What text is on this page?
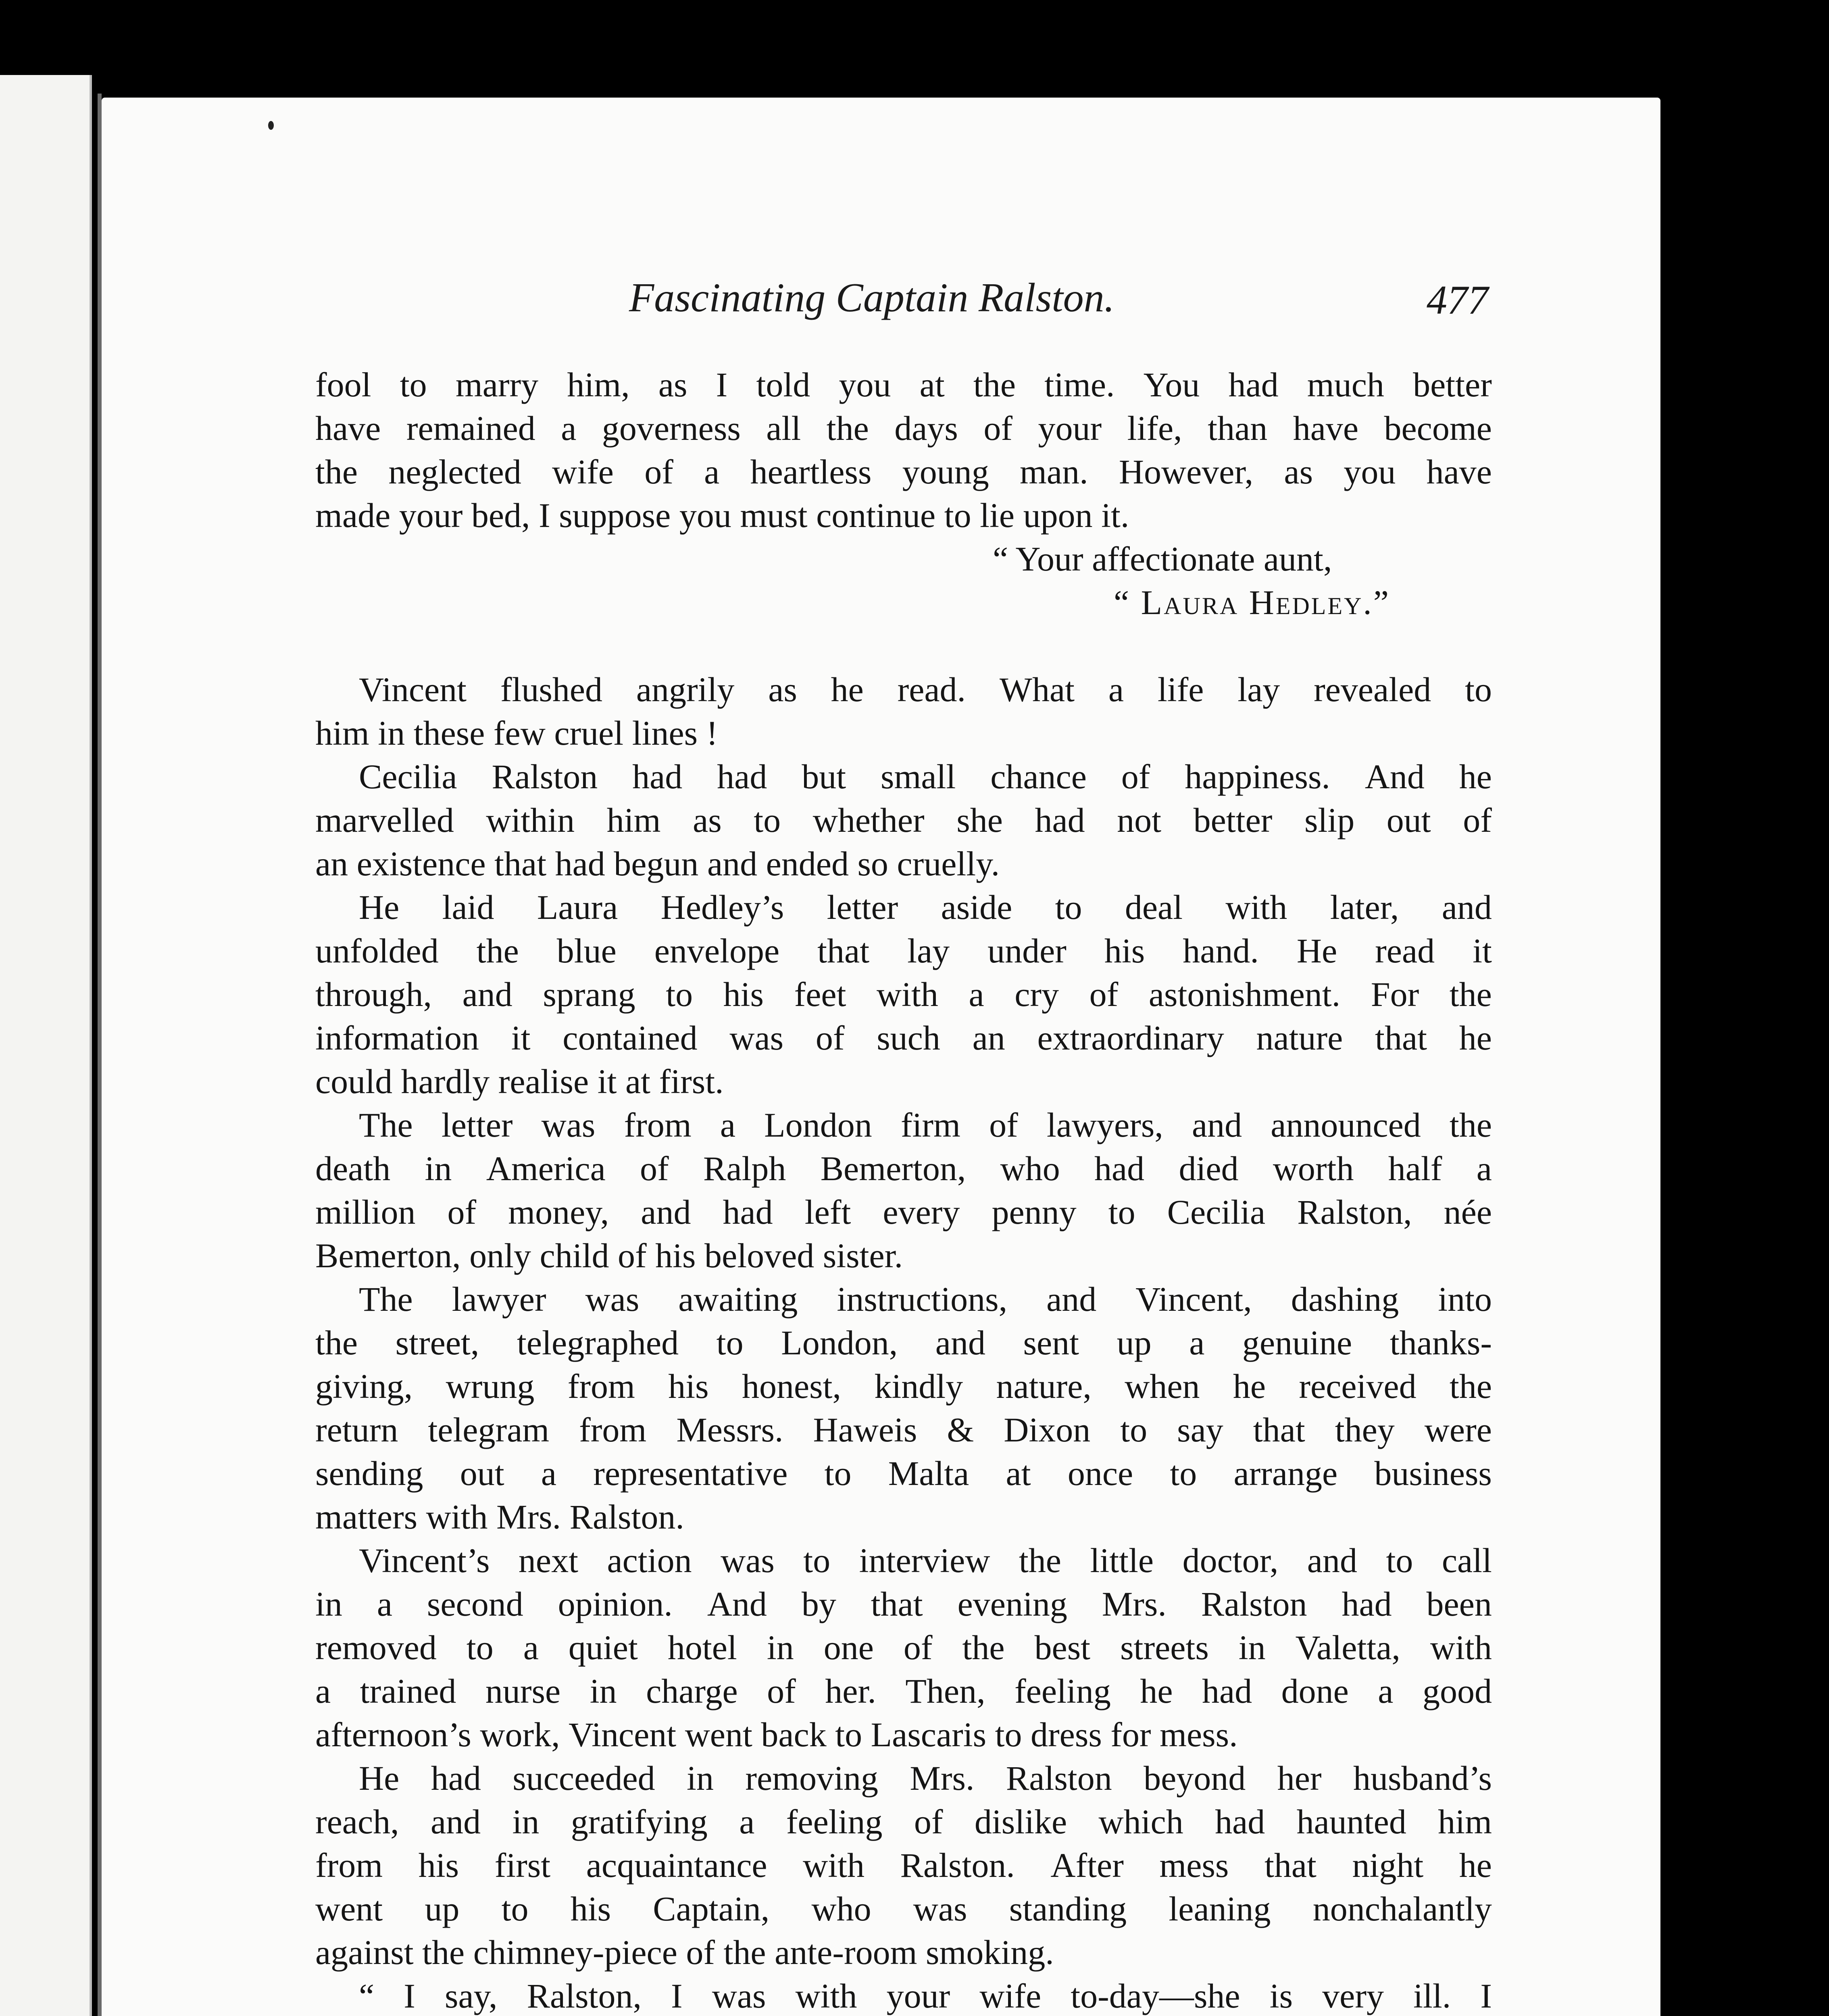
Fascinating Captain Ralston.	477
fool to marry him, as I told you at the time. You had much better
have remained a governess all the days of your life, than have become
the neglected wife of a heartless young man. However, as you have
made your bed, I suppose you must continue to lie upon it.
“ Your affectionate aunt,
“ Laura Hedley.”
Vincent flushed angrily as he read. What a life lay revealed to
him in these few cruel lines !
Cecilia Ralston had had but small chance of happiness. And he
marvelled within him as to whether she had not better slip out of
an existence that had begun and ended so cruelly.
He laid Laura Hedley’s letter aside to deal with later, and
unfolded the blue envelope that lay under his hand. He read it
through, and sprang to his feet with a cry of astonishment. For the
information it contained was of such an extraordinary nature that he
could hardly realise it at first.
The letter was from a London firm of lawyers, and announced the
death in America of Ralph Bemerton, who had died worth half a
million of money, and had left every penny to Cecilia Ralston, née
Bemerton, only child of his beloved sister.
The lawyer was awaiting instructions, and Vincent, dashing into
the street, telegraphed to London, and sent up a genuine thanks-
giving, wrung from his honest, kindly nature, when he received the
return telegram from Messrs. Haweis & Dixon to say that they were
sending out a representative to Malta at once to arrange business
matters with Mrs. Ralston.
Vincent’s next action was to interview the little doctor, and to call
in a second opinion. And by that evening Mrs. Ralston had been
removed to a quiet hotel in one of the best streets in Valetta, with
a trained nurse in charge of her. Then, feeling he had done a good
afternoon’s work, Vincent went back to Lascaris to dress for mess.
He had succeeded in removing Mrs. Ralston beyond her husband’s
reach, and in gratifying a feeling of dislike which had haunted him
from his first acquaintance with Ralston. After mess that night he
went up to his Captain, who was standing leaning nonchalantly
against the chimney-piece of the ante-room smoking.
“ I say, Ralston, I was with your wife to-day—she is very ill. I
